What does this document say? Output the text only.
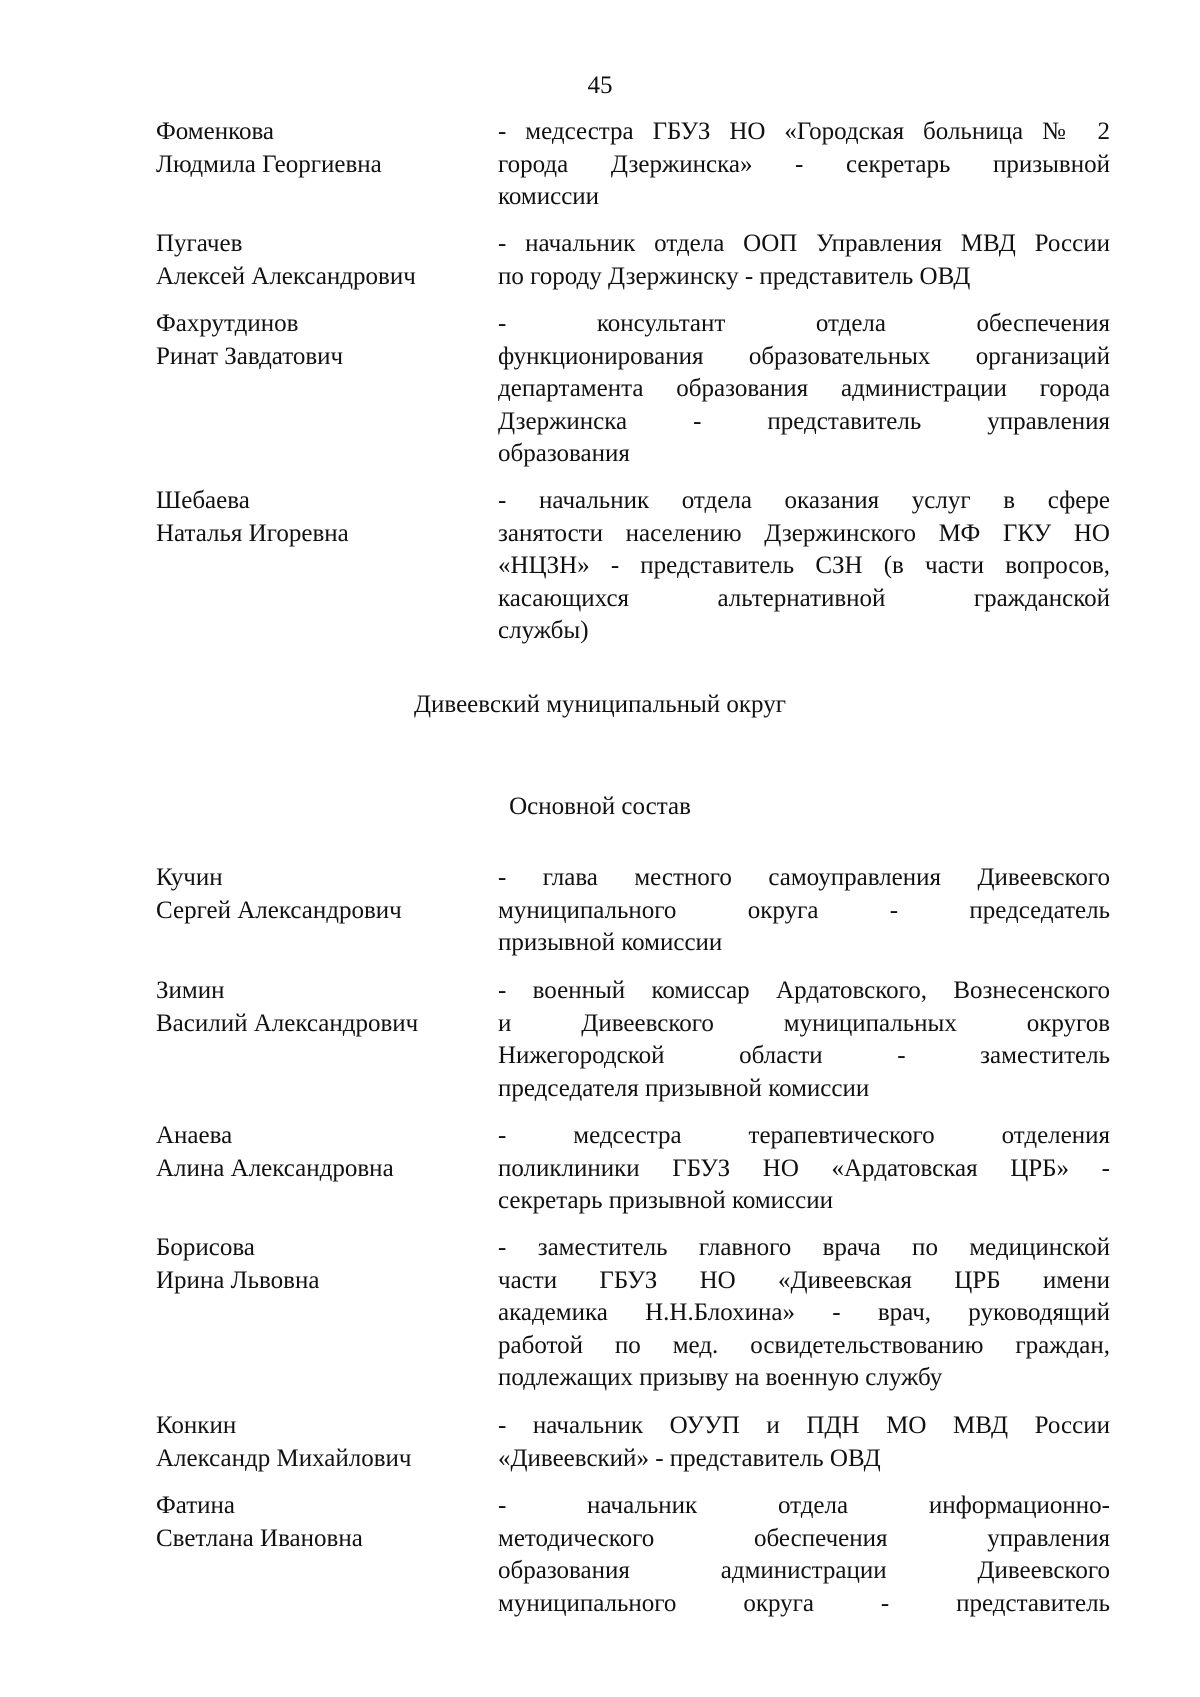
45
Фоменкова
Людмила Георгиевна
- медсестра ГБУЗ НО «Городская больница № 2
города Дзержинска» - секретарь призывной
комиссии
Пугачев
Алексей Александрович
- начальник отдела ООП Управления МВД России
по городу Дзержинску - представитель ОВД
Фахрутдинов
Ринат Завдатович
- консультант отдела обеспечения
функционирования образовательных организаций
департамента образования администрации города
Дзержинска - представитель управления
образования
Шебаева
Наталья Игоревна
- начальник отдела оказания услуг в сфере
занятости населению Дзержинского МФ ГКУ НО
«НЦЗН» - представитель СЗН (в части вопросов,
касающихся альтернативной гражданской
службы)
Дивеевский муниципальный округ
Основной состав
Кучин
Сергей Александрович
- глава местного самоуправления Дивеевского
муниципального округа - председатель
призывной комиссии
Зимин
Василий Александрович
- военный комиссар Ардатовского, Вознесенского
и Дивеевского муниципальных округов
Нижегородской области - заместитель
председателя призывной комиссии
Анаева
Алина Александровна
- медсестра терапевтического отделения
поликлиники ГБУЗ НО «Ардатовская ЦРБ» -
секретарь призывной комиссии
Борисова
Ирина Львовна
- заместитель главного врача по медицинской
части ГБУЗ НО «Дивеевская ЦРБ имени
академика Н.Н.Блохина» - врач, руководящий
работой по мед. освидетельствованию граждан,
подлежащих призыву на военную службу
Конкин
Александр Михайлович
- начальник ОУУП и ПДН МО МВД России
«Дивеевский» - представитель ОВД
Фатина
Светлана Ивановна
- начальник отдела информационно-
методического обеспечения управления
образования администрации Дивеевского
муниципального округа - представитель
